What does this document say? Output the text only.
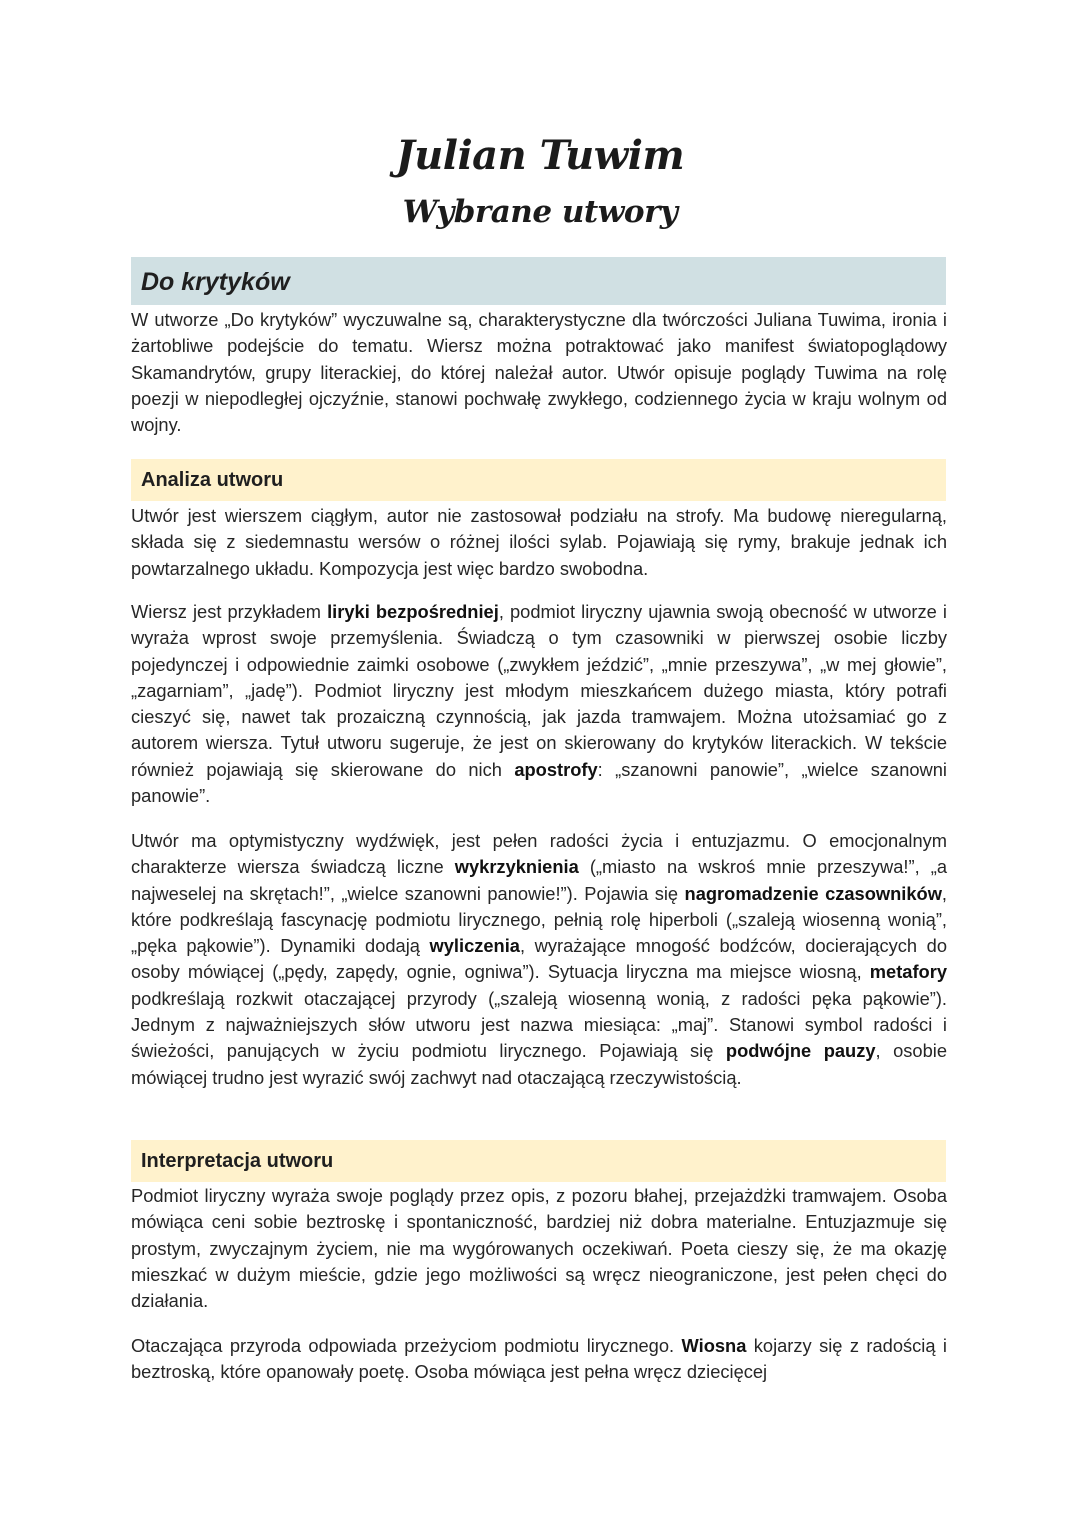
Julian Tuwim
Wybrane utwory
Do krytyków

W utworze „Do krytyków” wyczuwalne są, charakterystyczne dla twórczości Juliana Tuwima, ironia i żartobliwe podejście do tematu. Wiersz można potraktować jako manifest światopoglądowy Skamandrytów, grupy literackiej, do której należał autor. Utwór opisuje poglądy Tuwima na rolę poezji w niepodległej ojczyźnie, stanowi pochwałę zwykłego, codziennego życia w kraju wolnym od wojny.

Analiza utworu

Utwór jest wierszem ciągłym, autor nie zastosował podziału na strofy. Ma budowę nieregularną, składa się z siedemnastu wersów o różnej ilości sylab. Pojawiają się rymy, brakuje jednak ich powtarzalnego układu. Kompozycja jest więc bardzo swobodna.

Wiersz jest przykładem liryki bezpośredniej, podmiot liryczny ujawnia swoją obecność w utworze i wyraża wprost swoje przemyślenia. Świadczą o tym czasowniki w pierwszej osobie liczby pojedynczej i odpowiednie zaimki osobowe („zwykłem jeździć”, „mnie przeszywa”, „w mej głowie”, „zagarniam”, „jadę”). Podmiot liryczny jest młodym mieszkańcem dużego miasta, który potrafi cieszyć się, nawet tak prozaiczną czynnością, jak jazda tramwajem. Można utożsamiać go z autorem wiersza. Tytuł utworu sugeruje, że jest on skierowany do krytyków literackich. W tekście również pojawiają się skierowane do nich apostrofy: „szanowni panowie”, „wielce szanowni panowie”.

Utwór ma optymistyczny wydźwięk, jest pełen radości życia i entuzjazmu. O emocjonalnym charakterze wiersza świadczą liczne wykrzyknienia („miasto na wskroś mnie przeszywa!”, „a najweselej na skrętach!”, „wielce szanowni panowie!”). Pojawia się nagromadzenie czasowników, które podkreślają fascynację podmiotu lirycznego, pełnią rolę hiperboli („szaleją wiosenną wonią”, „pęka pąkowie”). Dynamiki dodają wyliczenia, wyrażające mnogość bodźców, docierających do osoby mówiącej („pędy, zapędy, ognie, ogniwa”). Sytuacja liryczna ma miejsce wiosną, metafory podkreślają rozkwit otaczającej przyrody („szaleją wiosenną wonią, z radości pęka pąkowie”). Jednym z najważniejszych słów utworu jest nazwa miesiąca: „maj”. Stanowi symbol radości i świeżości, panujących w życiu podmiotu lirycznego. Pojawiają się podwójne pauzy, osobie mówiącej trudno jest wyrazić swój zachwyt nad otaczającą rzeczywistością.

Interpretacja utworu

Podmiot liryczny wyraża swoje poglądy przez opis, z pozoru błahej, przejażdżki tramwajem. Osoba mówiąca ceni sobie beztroskę i spontaniczność, bardziej niż dobra materialne. Entuzjazmuje się prostym, zwyczajnym życiem, nie ma wygórowanych oczekiwań. Poeta cieszy się, że ma okazję mieszkać w dużym mieście, gdzie jego możliwości są wręcz nieograniczone, jest pełen chęci do działania.

Otaczająca przyroda odpowiada przeżyciom podmiotu lirycznego. Wiosna kojarzy się z radością i beztroską, które opanowały poetę. Osoba mówiąca jest pełna wręcz dziecięcej
